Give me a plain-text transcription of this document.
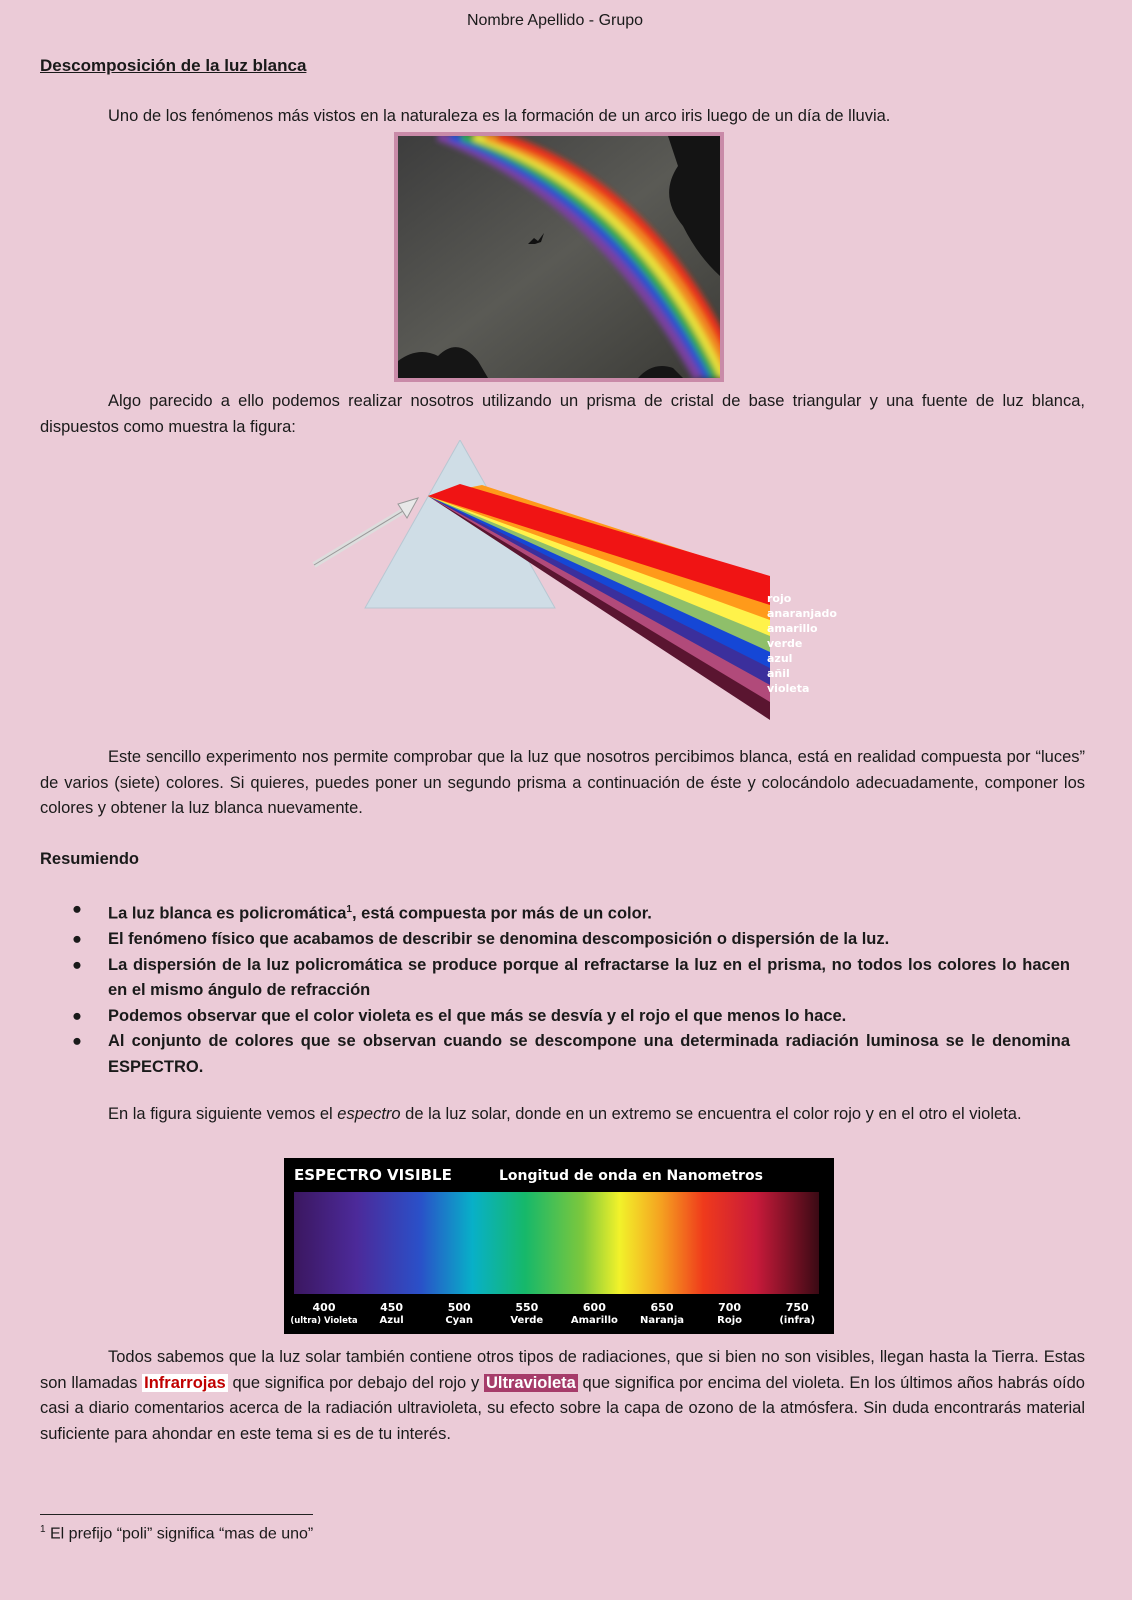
Nombre Apellido - Grupo
Descomposición de la luz blanca
Uno de los fenómenos más vistos en la naturaleza es la formación de un arco iris luego de un día de lluvia.
Algo parecido a ello podemos realizar nosotros utilizando un prisma de cristal de base triangular y una fuente de luz blanca, dispuestos como muestra la figura:
rojo
anaranjado
amarillo
verde
azul
añil
violeta
Este sencillo experimento nos permite comprobar que la luz que nosotros percibimos blanca, está en realidad compuesta por “luces” de varios (siete) colores. Si quieres, puedes poner un segundo prisma a continuación de éste y colocándolo adecuadamente, componer los colores y obtener la luz blanca nuevamente.
Resumiendo
● La luz blanca es policromática$^1$, está compuesta por más de un color.
● El fenómeno físico que acabamos de describir se denomina descomposición o dispersión de la luz.
● La dispersión de la luz policromática se produce porque al refractarse la luz en el prisma, no todos los colores lo hacen en el mismo ángulo de refracción
● Podemos observar que el color violeta es el que más se desvía y el rojo el que menos lo hace.
● Al conjunto de colores que se observan cuando se descompone una determinada radiación luminosa se le denomina ESPECTRO.
En la figura siguiente vemos el espectro de la luz solar, donde en un extremo se encuentra el color rojo y en el otro el violeta.
ESPECTRO VISIBLE	Longitud de onda en Nanometros
400
(ultra) Violeta
450
Azul
500
Cyan
550
Verde
600
Amarillo
650
Naranja
700
Rojo
750
(infra)
Todos sabemos que la luz solar también contiene otros tipos de radiaciones, que si bien no son visibles, llegan hasta la Tierra. Estas son llamadas Infrarrojas que significa por debajo del rojo y Ultravioleta que significa por encima del violeta. En los últimos años habrás oído casi a diario comentarios acerca de la radiación ultravioleta, su efecto sobre la capa de ozono de la atmósfera. Sin duda encontrarás material suficiente para ahondar en este tema si es de tu interés.
$^1$ El prefijo “poli” significa “mas de uno”
